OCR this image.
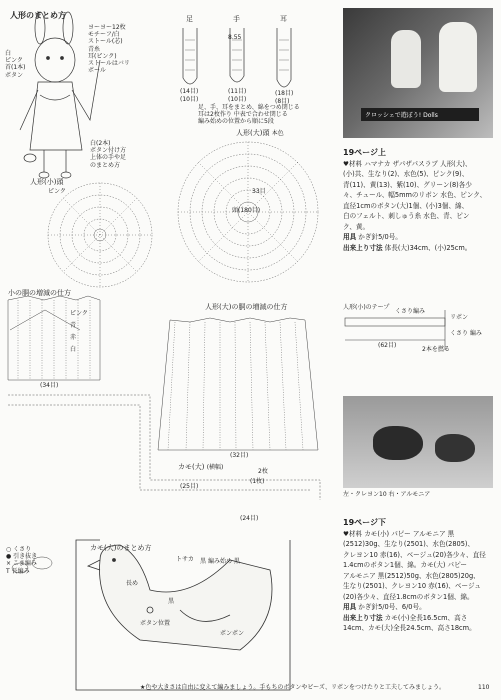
人形のまとめ方
ヨーヨー12枚
モチーフ/白
ストール(芯)
青糸
耳(ピンク)
ストールはバリ
ボール
白
ピンク
首(1本)
ボタン
白(2本)
ボタン付け方
上体の手や足
のまとめ方
足	手	耳
(14目)
(10目)
8.55
(11目)
(10目)
(18目)
(8目)
足、手、耳をまとめ、綿をつめ閉じる
耳は2枚作り 中表で合わせ閉じる
編み始めの位置から順に5段
人形(大)頭 本色
頭(180目)
33目
人形(小)頭
ピンク
小の胴の増減の仕方
ピンク
青
赤
白
(34目)
人形(大)の胴の増減の仕方
(32目)
カモ(大) (横幅)
2枚
(1枚)
(25目)
(24目)
カモ(大)のまとめ方
トサカ 黒 編み始め 黒
長め
黒
ボタン位置
ボンボン
○ くさり
● 引き抜き
× こま編み
T 長編み
クロッシェで遊ぼう! Dolls
19ページ上
♥材料 ハマナカ ザパザパスラブ 人形(大)、
(小)共、生なり(2)、水色(5)、ピンク(9)、
青(11)、黄(13)、紫(10)、グリーン(8)各少
々、チュール、幅5mmのリボン 水色、ピンク、
直径1cmのボタン(大)1個、(小)3個、綿、
白のフェルト、刺しゅう糸 水色、青、ピン
ク、黄。
用具 かぎ針5/0号。
出来上り寸法 体長(大)34cm、(小)25cm。
人形(小)のテープ
くさり編み
リボン
くさり 編み
(62目)
2本を撚る
左・クレヨン10 右・アルモニア
19ページ下
♥材料 カモ(小) パピー アルモニア 黒
(2512)30g、生なり(2501)、水色(2805)、
クレヨン10 赤(16)、ベージュ(20)各少々、直径
1.4cmのボタン1個、綿。カモ(大) パピー
アルモニア 黒(2512)50g、水色(2805)20g、
生なり(2501)、クレヨン10 赤(16)、ベージュ
(20)各少々、直径1.8cmのボタン1個、綿。
用具 かぎ針5/0号、6/0号。
出来上り寸法 カモ(小)全長16.5cm、高さ
14cm、カモ(大)全長24.5cm、高さ18cm。
★色や大きさは自由に変えて編みましょう。手もちのボタンやビーズ、リボンをつけたりと工夫してみましょう。	110
